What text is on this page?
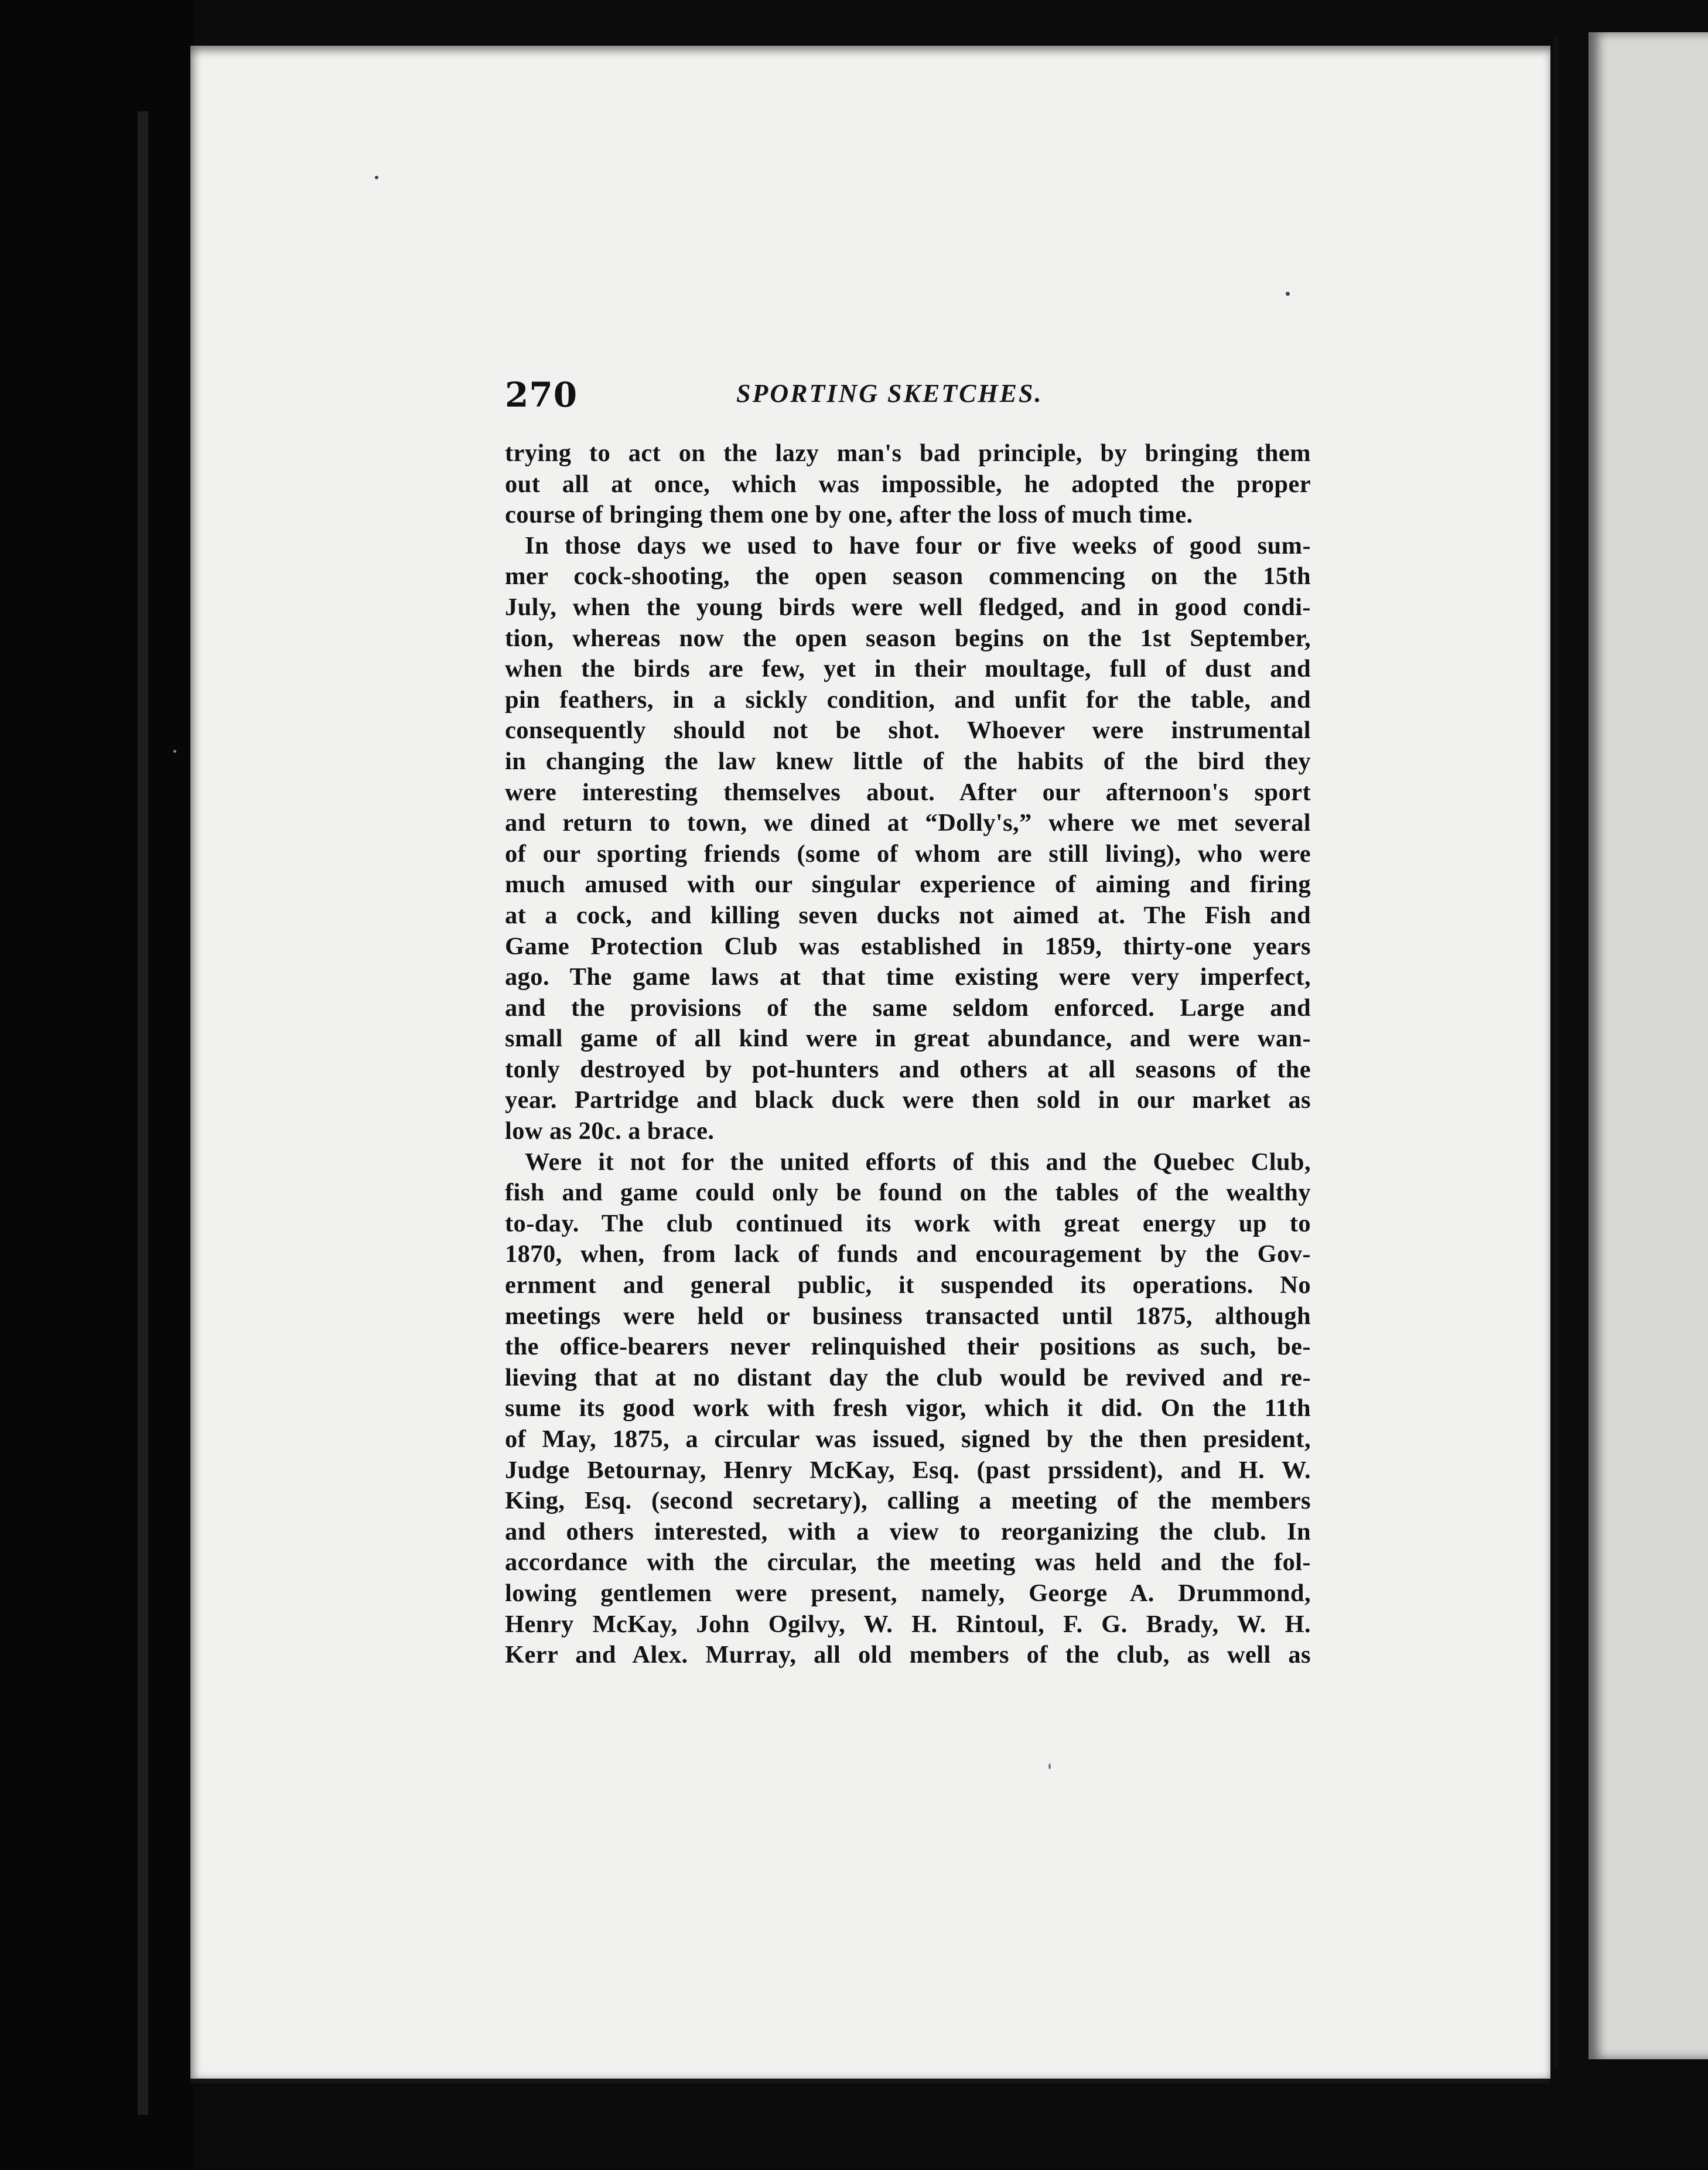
270	SPORTING SKETCHES.
trying to act on the lazy man's bad principle, by bringing them
out all at once, which was impossible, he adopted the proper
course of bringing them one by one, after the loss of much time.
In those days we used to have four or five weeks of good sum-
mer cock-shooting, the open season commencing on the 15th
July, when the young birds were well fledged, and in good condi-
tion, whereas now the open season begins on the 1st September,
when the birds are few, yet in their moultage, full of dust and
pin feathers, in a sickly condition, and unfit for the table, and
consequently should not be shot. Whoever were instrumental
in changing the law knew little of the habits of the bird they
were interesting themselves about. After our afternoon's sport
and return to town, we dined at “Dolly's,” where we met several
of our sporting friends (some of whom are still living), who were
much amused with our singular experience of aiming and firing
at a cock, and killing seven ducks not aimed at. The Fish and
Game Protection Club was established in 1859, thirty-one years
ago. The game laws at that time existing were very imperfect,
and the provisions of the same seldom enforced. Large and
small game of all kind were in great abundance, and were wan-
tonly destroyed by pot-hunters and others at all seasons of the
year. Partridge and black duck were then sold in our market as
low as 20c. a brace.
Were it not for the united efforts of this and the Quebec Club,
fish and game could only be found on the tables of the wealthy
to-day. The club continued its work with great energy up to
1870, when, from lack of funds and encouragement by the Gov-
ernment and general public, it suspended its operations. No
meetings were held or business transacted until 1875, although
the office-bearers never relinquished their positions as such, be-
lieving that at no distant day the club would be revived and re-
sume its good work with fresh vigor, which it did. On the 11th
of May, 1875, a circular was issued, signed by the then president,
Judge Betournay, Henry McKay, Esq. (past prssident), and H. W.
King, Esq. (second secretary), calling a meeting of the members
and others interested, with a view to reorganizing the club. In
accordance with the circular, the meeting was held and the fol-
lowing gentlemen were present, namely, George A. Drummond,
Henry McKay, John Ogilvy, W. H. Rintoul, F. G. Brady, W. H.
Kerr and Alex. Murray, all old members of the club, as well as
